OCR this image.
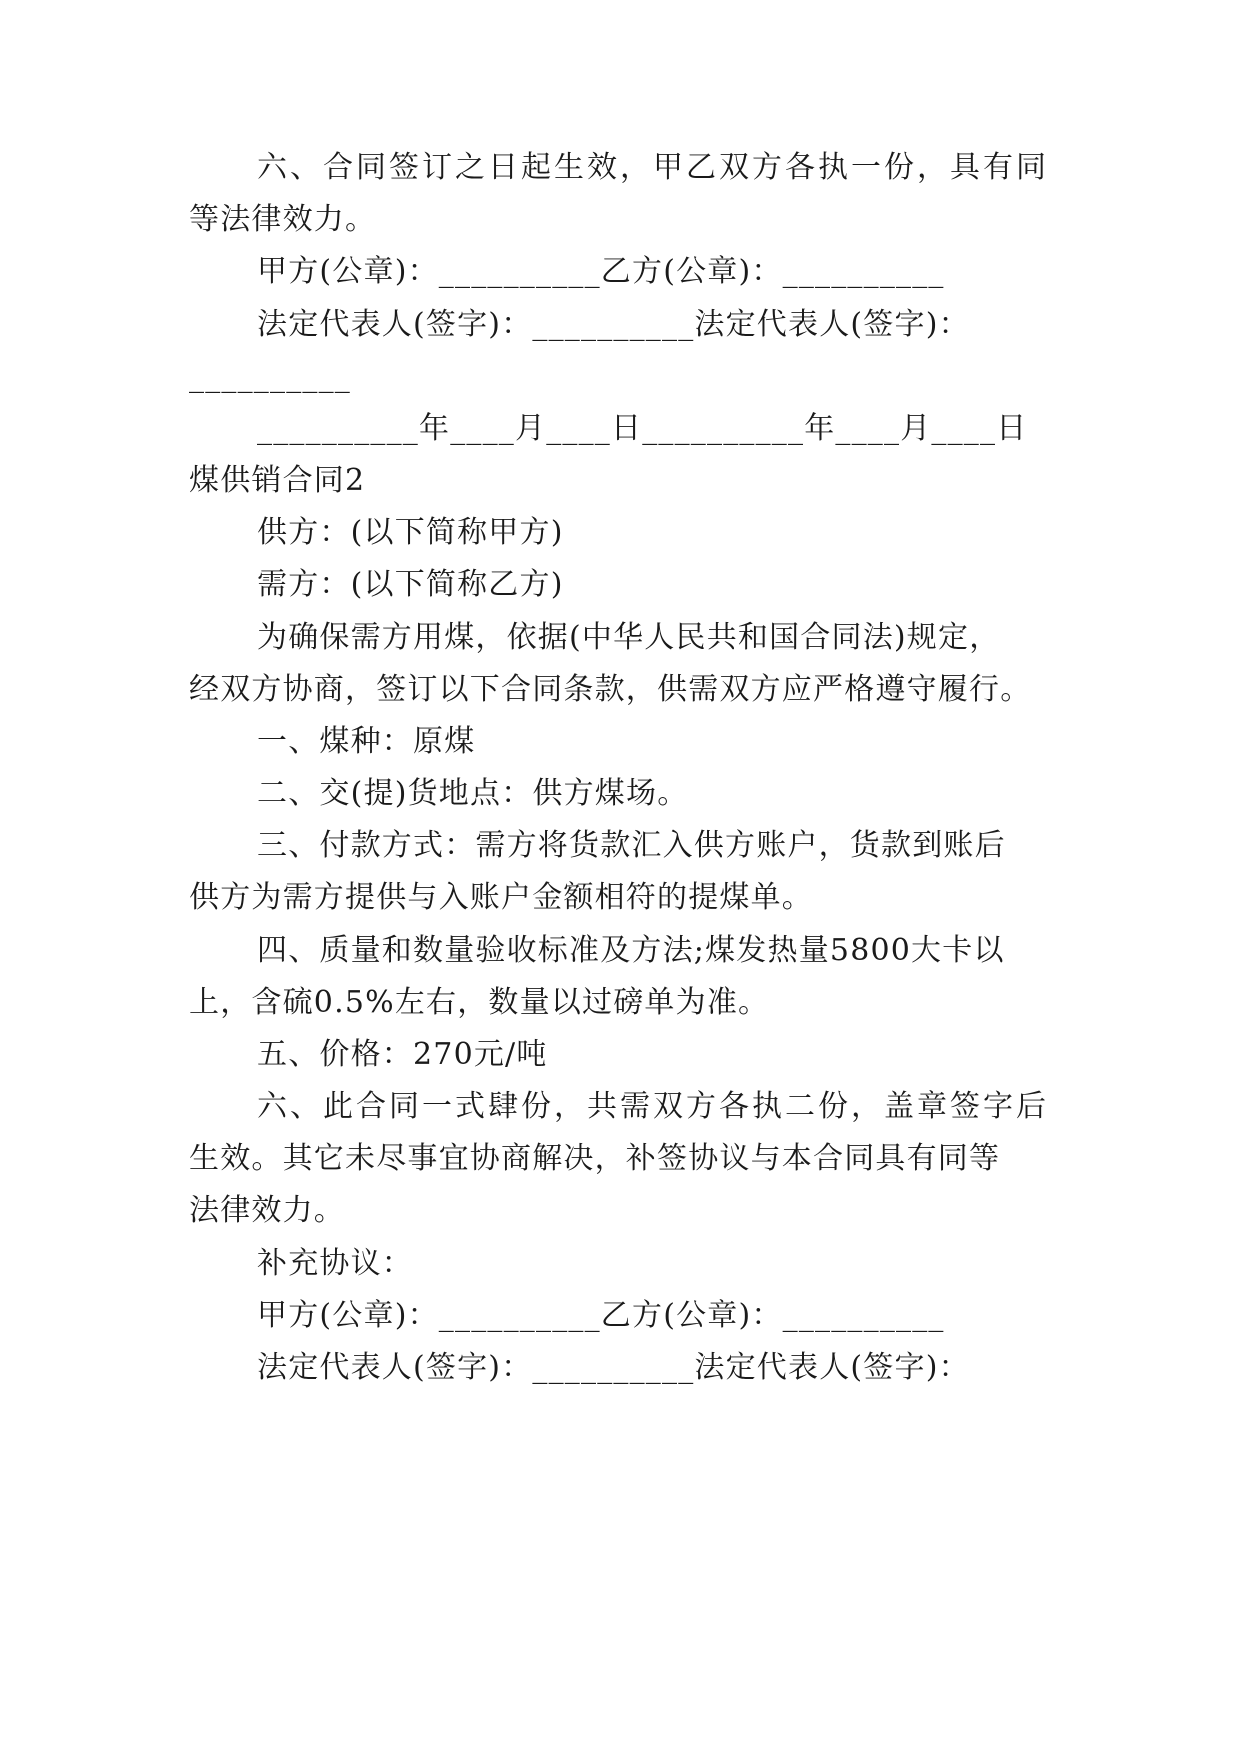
六、合同签订之日起生效，甲乙双方各执一份，具有同
等法律效力。
甲方(公章)：__________乙方(公章)：__________
法定代表人(签字)：__________法定代表人(签字)：
__________
__________年____月____日__________年____月____日
煤供销合同2
供方：(以下简称甲方)
需方：(以下简称乙方)
为确保需方用煤，依据(中华人民共和国合同法)规定，
经双方协商，签订以下合同条款，供需双方应严格遵守履行。
一、煤种：原煤
二、交(提)货地点：供方煤场。
三、付款方式：需方将货款汇入供方账户，货款到账后
供方为需方提供与入账户金额相符的提煤单。
四、质量和数量验收标准及方法;煤发热量5800大卡以
上，含硫0.5%左右，数量以过磅单为准。
五、价格：270元/吨
六、此合同一式肆份，共需双方各执二份，盖章签字后
生效。其它未尽事宜协商解决，补签协议与本合同具有同等
法律效力。
补充协议：
甲方(公章)：__________乙方(公章)：__________
法定代表人(签字)：__________法定代表人(签字)：
